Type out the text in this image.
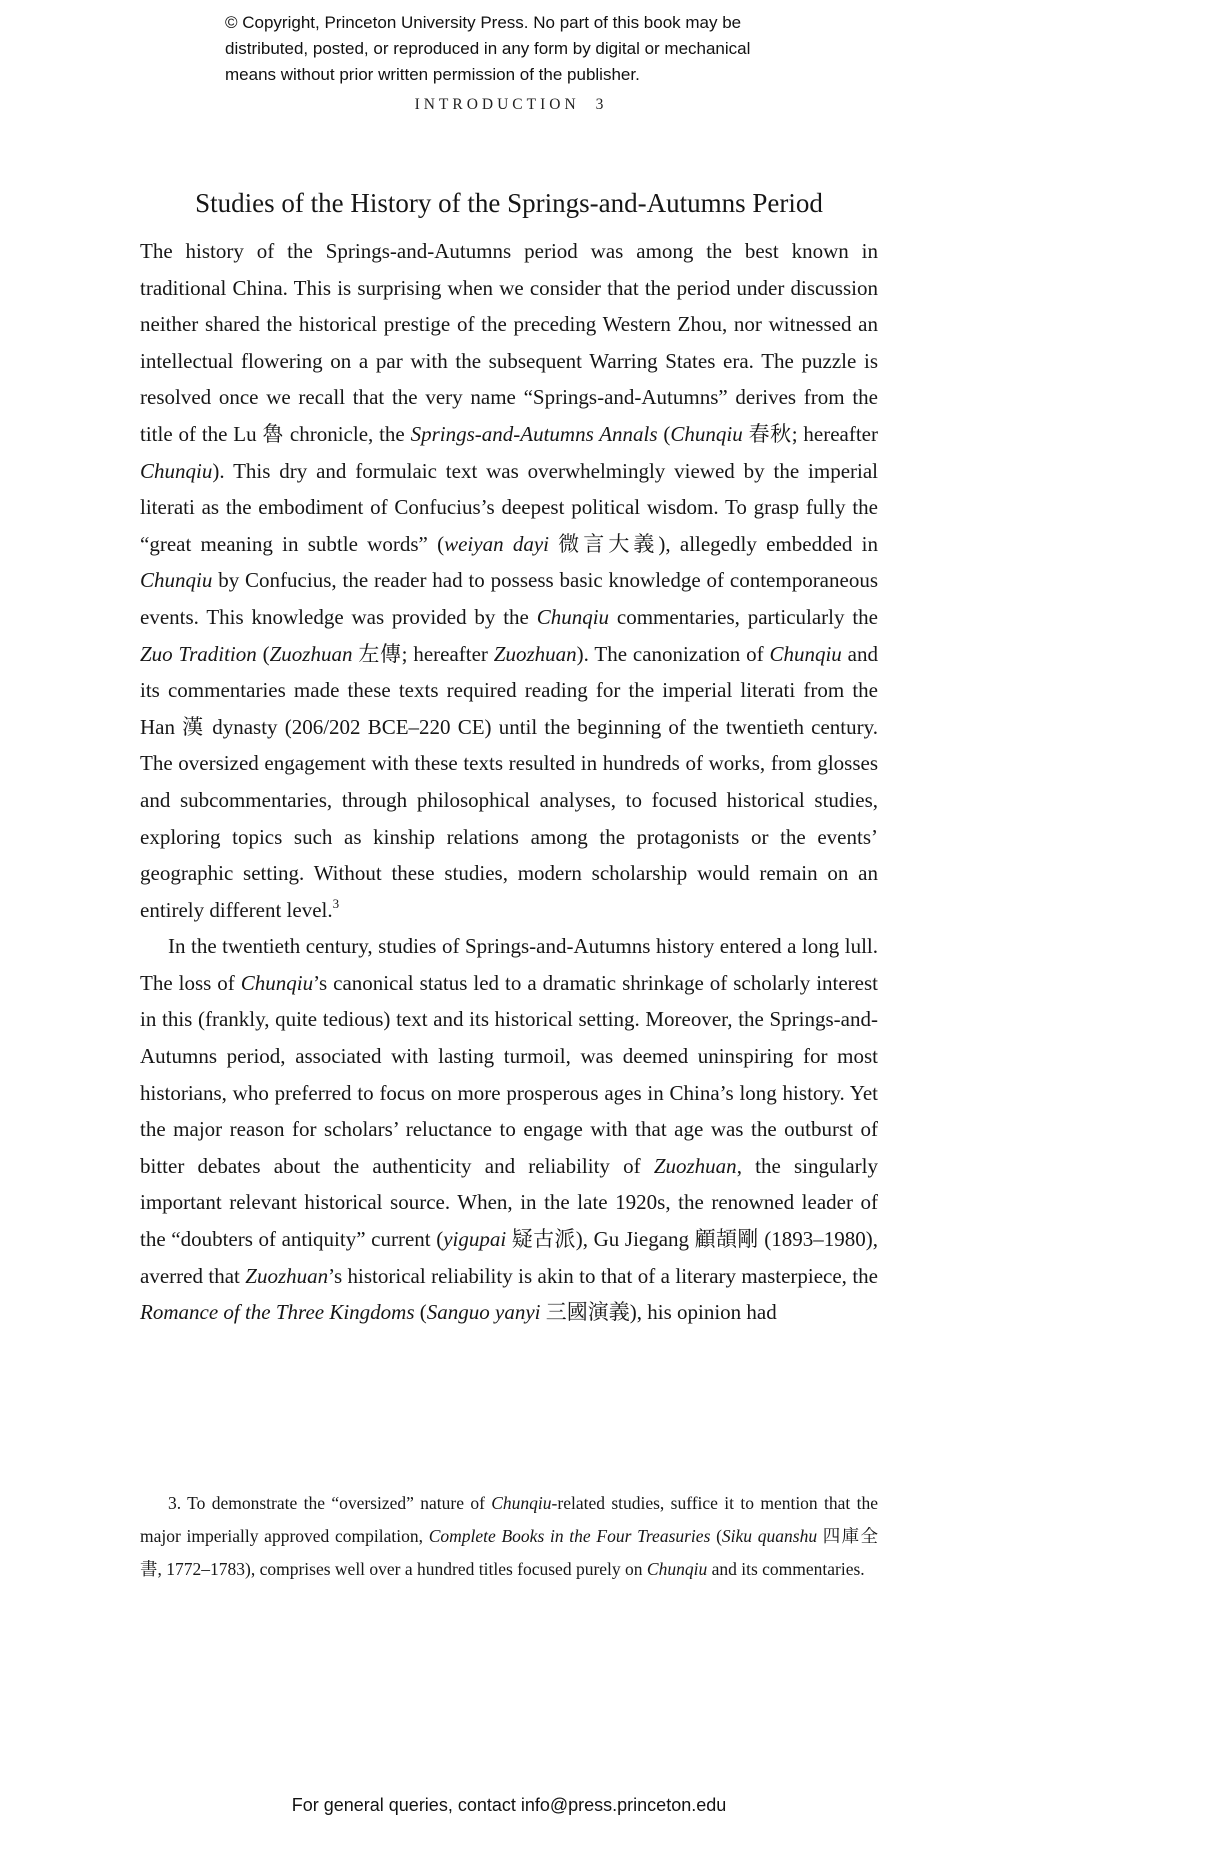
© Copyright, Princeton University Press. No part of this book may be
distributed, posted, or reproduced in any form by digital or mechanical
means without prior written permission of the publisher.
INTRODUCTION 3
Studies of the History of the Springs-and-Autumns Period

The history of the Springs-and-Autumns period was among the best known in traditional China. This is surprising when we consider that the period under discussion neither shared the historical prestige of the preceding Western Zhou, nor witnessed an intellectual flowering on a par with the subsequent Warring States era. The puzzle is resolved once we recall that the very name “Springs-and-Autumns” derives from the title of the Lu 魯 chronicle, the Springs-and-Autumns Annals (Chunqiu 春秋; hereafter Chunqiu). This dry and formulaic text was overwhelmingly viewed by the imperial literati as the embodiment of Confucius’s deepest political wisdom. To grasp fully the “great meaning in subtle words” (weiyan dayi 微言大義), allegedly embedded in Chunqiu by Confucius, the reader had to possess basic knowledge of contemporaneous events. This knowledge was provided by the Chunqiu commentaries, particularly the Zuo Tradition (Zuozhuan 左傳; hereafter Zuozhuan). The canonization of Chunqiu and its commentaries made these texts required reading for the imperial literati from the Han 漢 dynasty (206/202 BCE–220 CE) until the beginning of the twentieth century. The oversized engagement with these texts resulted in hundreds of works, from glosses and subcommentaries, through philosophical analyses, to focused historical studies, exploring topics such as kinship relations among the protagonists or the events’ geographic setting. Without these studies, modern scholarship would remain on an entirely different level.$^3$

In the twentieth century, studies of Springs-and-Autumns history entered a long lull. The loss of Chunqiu’s canonical status led to a dramatic shrinkage of scholarly interest in this (frankly, quite tedious) text and its historical setting. Moreover, the Springs-and-Autumns period, associated with lasting turmoil, was deemed uninspiring for most historians, who preferred to focus on more prosperous ages in China’s long history. Yet the major reason for scholars’ reluctance to engage with that age was the outburst of bitter debates about the authenticity and reliability of Zuozhuan, the singularly important relevant historical source. When, in the late 1920s, the renowned leader of the “doubters of antiquity” current (yigupai 疑古派), Gu Jiegang 顧頡剛 (1893–1980), averred that Zuozhuan’s historical reliability is akin to that of a literary masterpiece, the Romance of the Three Kingdoms (Sanguo yanyi 三國演義), his opinion had

3. To demonstrate the “oversized” nature of Chunqiu-related studies, suffice it to mention that the major imperially approved compilation, Complete Books in the Four Treasuries (Siku quanshu 四庫全書, 1772–1783), comprises well over a hundred titles focused purely on Chunqiu and its commentaries.
For general queries, contact info@press.princeton.edu
